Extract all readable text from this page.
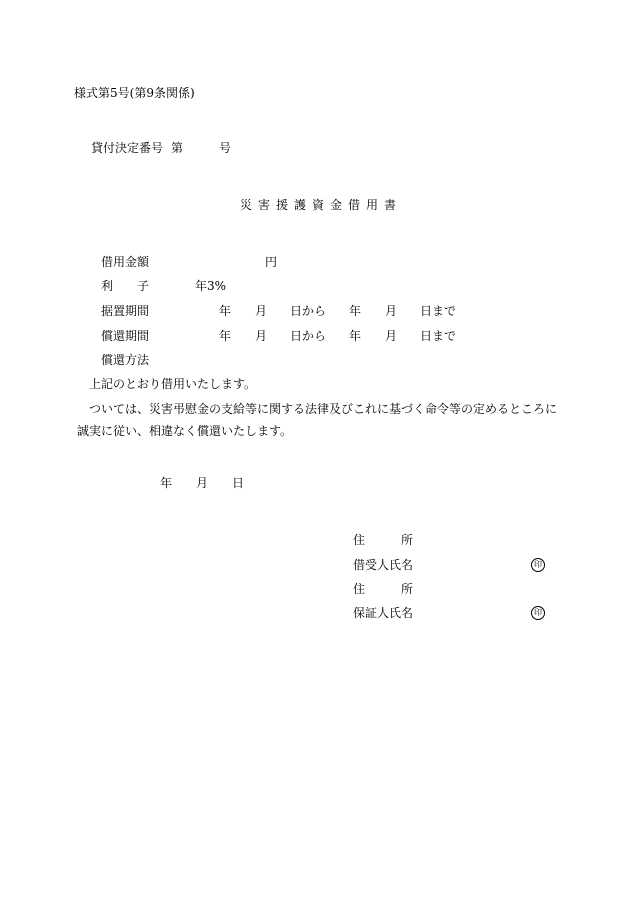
様式第5号(第9条関係)
貸付決定番号 第	号
災害援護資金借用書
借用金額	円
利 子	年3%
据置期間	年 月 日から 年 月 日まで
償還期間	年 月 日から 年 月 日まで
償還方法
上記のとおり借用いたします。
ついては、災害弔慰金の支給等に関する法律及びこれに基づく命令等の定めるところに
誠実に従い、相違なく償還いたします。
年 月 日
住	所
借受人氏名	印
住	所
保証人氏名	印
